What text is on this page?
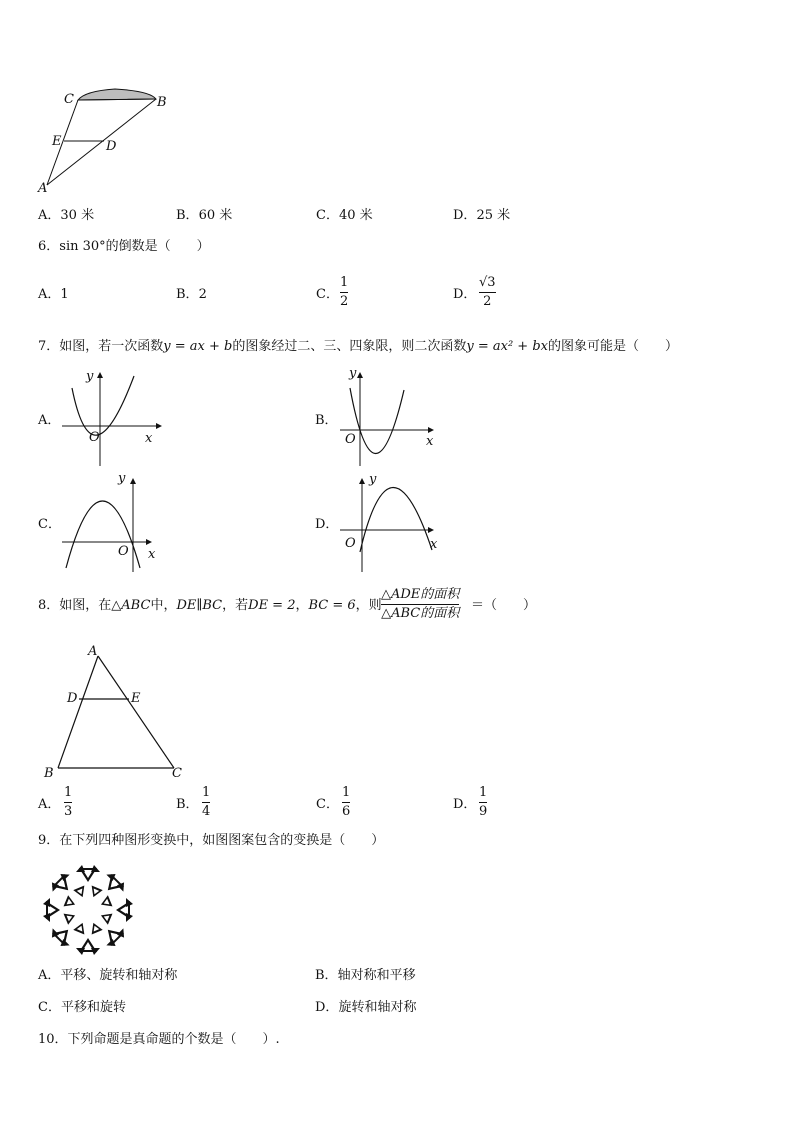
C	B
E	D
A
A．30 米	B．60 米	C．40 米	D．25 米
6．sin 30°的倒数是（　　）
A．1	B．2	C．
1
2	D．
√3
2
7．如图，若一次函数y = ax + b的图象经过二、三、四象限，则二次函数y = ax² + bx的图象可能是（　　）
A．	B．
C．	D．
y
x
O
y
x
O
y
x
O
y
x
O
8．如图，在△ABC中，DE∥BC，若DE = 2，BC = 6，则
△ADE的面积
△ABC的面积
＝（　　）
A
D	E
B	C
A．
1
3	B．
1
4	C．
1
6	D．
1
9
9．在下列四种图形变换中，如图图案包含的变换是（　　）
A．平移、旋转和轴对称	B．轴对称和平移
C．平移和旋转	D．旋转和轴对称
10．下列命题是真命题的个数是（　　）.
